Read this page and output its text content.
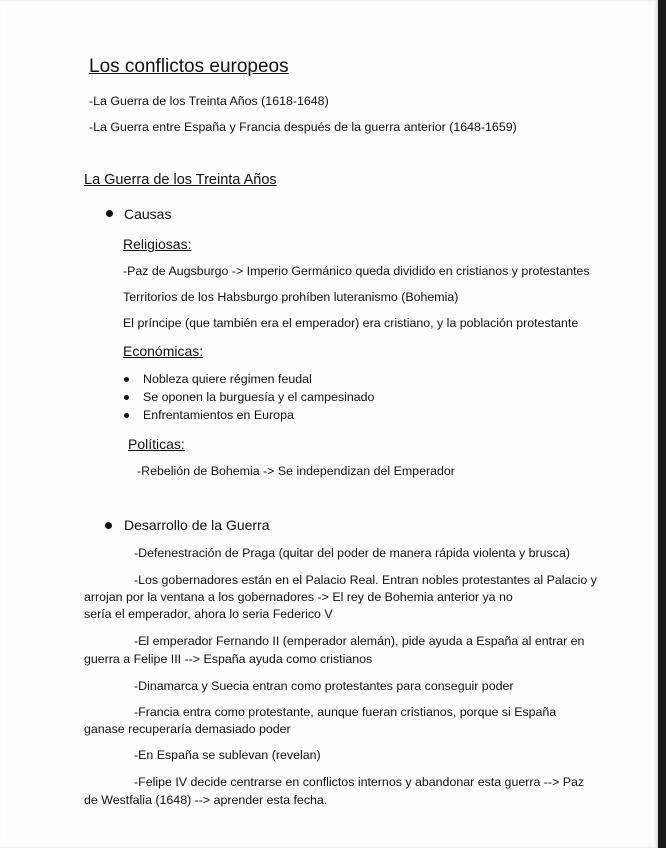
Los conflictos europeos
-La Guerra de los Treinta Años (1618-1648)
-La Guerra entre España y Francia después de la guerra anterior (1648-1659)
La Guerra de los Treinta Años
Causas
Religiosas:
-Paz de Augsburgo -> Imperio Germánico queda dividido en cristianos y protestantes
Territorios de los Habsburgo prohíben luteranismo (Bohemia)
El príncipe (que también era el emperador) era cristiano, y la población protestante
Económicas:
Nobleza quiere régimen feudal
Se oponen la burguesía y el campesinado
Enfrentamientos en Europa
Políticas:
-Rebelión de Bohemia -> Se independizan del Emperador
Desarrollo de la Guerra
-Defenestración de Praga (quitar del poder de manera rápida violenta y brusca)
-Los gobernadores están en el Palacio Real. Entran nobles protestantes al Palacio y
arrojan por la ventana a los gobernadores -> El rey de Bohemia anterior ya no
sería el emperador, ahora lo seria Federico V
-El emperador Fernando II (emperador alemán), pide ayuda a España al entrar en
guerra a Felipe III --> España ayuda como cristianos
-Dinamarca y Suecia entran como protestantes para conseguir poder
-Francia entra como protestante, aunque fueran cristianos, porque si España
ganase recuperaría demasiado poder
-En España se sublevan (revelan)
-Felipe IV decide centrarse en conflictos internos y abandonar esta guerra --> Paz
de Westfalia (1648) --> aprender esta fecha.
